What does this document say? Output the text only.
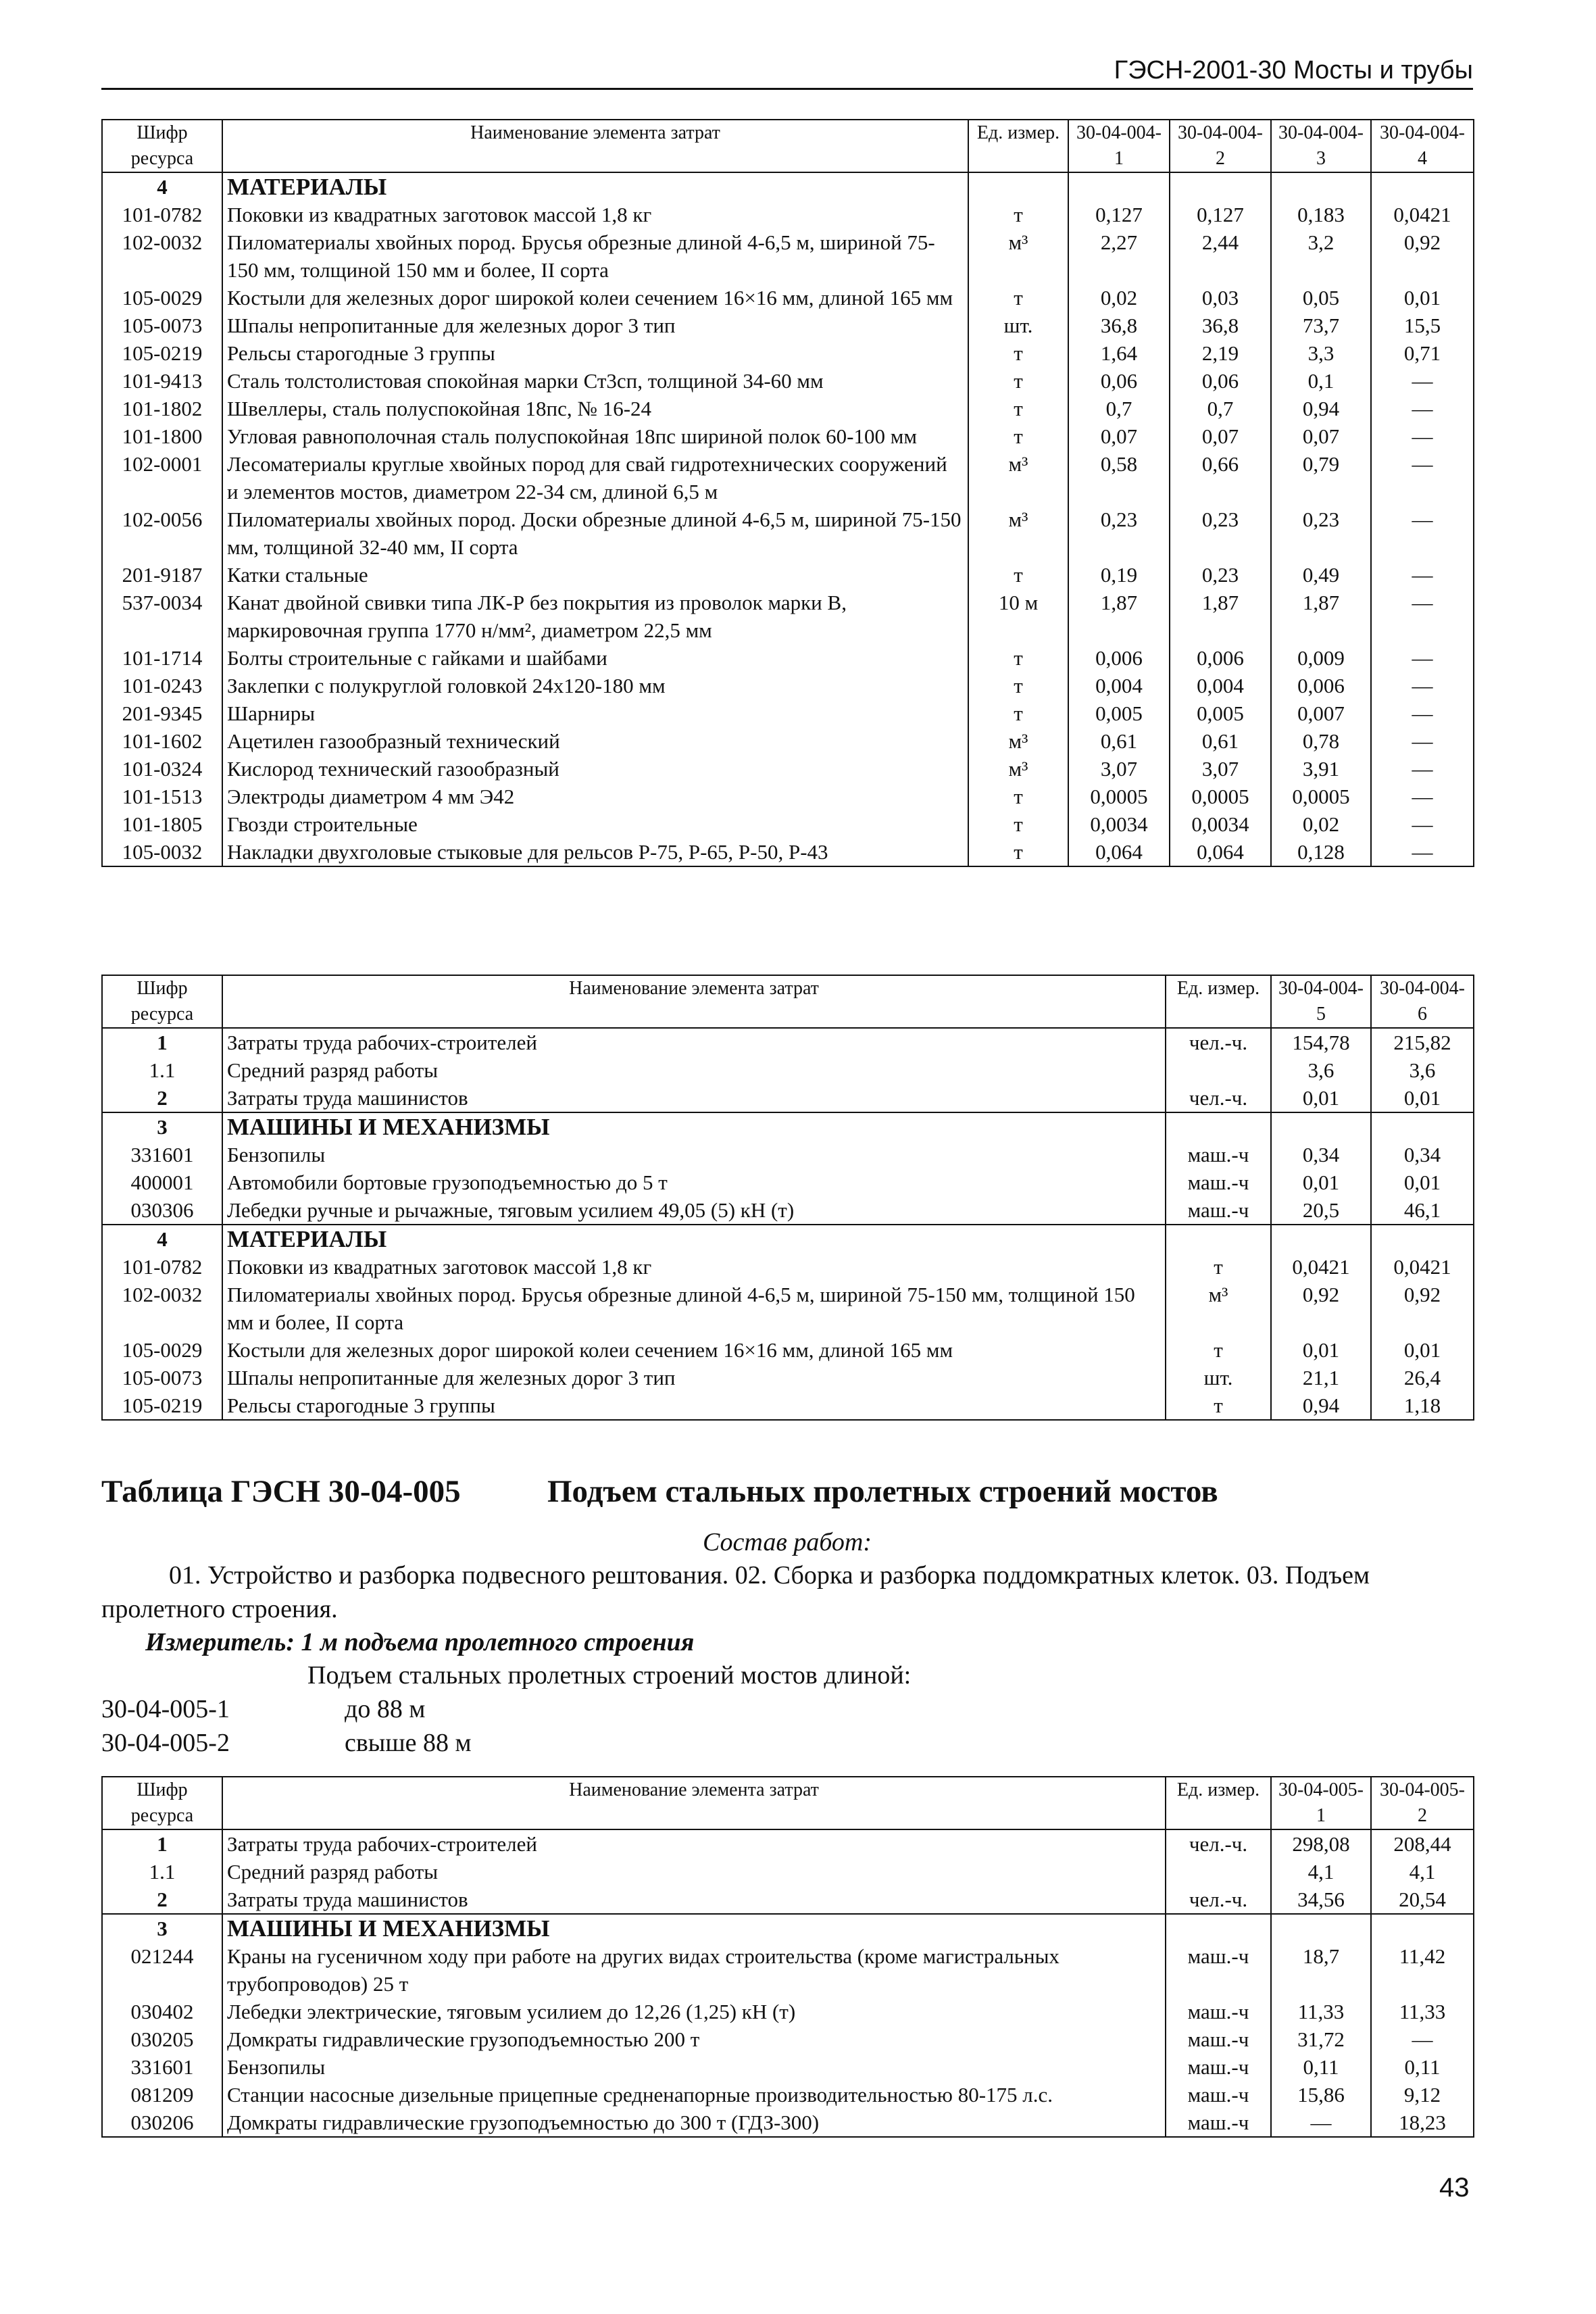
ГЭСН-2001-30 Мосты и трубы
Шифр ресурса	Наименование элемента затрат	Ед. измер.	30-04-004-1	30-04-004-2	30-04-004-3	30-04-004-4
4	МАТЕРИАЛЫ					
101-0782	Поковки из квадратных заготовок массой 1,8 кг	т	0,127	0,127	0,183	0,0421
102-0032	Пиломатериалы хвойных пород. Брусья обрезные длиной 4-6,5 м, шириной 75-150 мм, толщиной 150 мм и более, II сорта	м³	2,27	2,44	3,2	0,92
105-0029	Костыли для железных дорог широкой колеи сечением 16×16 мм, длиной 165 мм	т	0,02	0,03	0,05	0,01
105-0073	Шпалы непропитанные для железных дорог 3 тип	шт.	36,8	36,8	73,7	15,5
105-0219	Рельсы старогодные 3 группы	т	1,64	2,19	3,3	0,71
101-9413	Сталь толстолистовая спокойная марки Ст3сп, толщиной 34-60 мм	т	0,06	0,06	0,1	—
101-1802	Швеллеры, сталь полуспокойная 18пс, № 16-24	т	0,7	0,7	0,94	—
101-1800	Угловая равнополочная сталь полуспокойная 18пс шириной полок 60-100 мм	т	0,07	0,07	0,07	—
102-0001	Лесоматериалы круглые хвойных пород для свай гидротехнических сооружений и элементов мостов, диаметром 22-34 см, длиной 6,5 м	м³	0,58	0,66	0,79	—
102-0056	Пиломатериалы хвойных пород. Доски обрезные длиной 4-6,5 м, шириной 75-150 мм, толщиной 32-40 мм, II сорта	м³	0,23	0,23	0,23	—
201-9187	Катки стальные	т	0,19	0,23	0,49	—
537-0034	Канат двойной свивки типа ЛК-Р без покрытия из проволок марки В, маркировочная группа 1770 н/мм², диаметром 22,5 мм	10 м	1,87	1,87	1,87	—
101-1714	Болты строительные с гайками и шайбами	т	0,006	0,006	0,009	—
101-0243	Заклепки с полукруглой головкой 24х120-180 мм	т	0,004	0,004	0,006	—
201-9345	Шарниры	т	0,005	0,005	0,007	—
101-1602	Ацетилен газообразный технический	м³	0,61	0,61	0,78	—
101-0324	Кислород технический газообразный	м³	3,07	3,07	3,91	—
101-1513	Электроды диаметром 4 мм Э42	т	0,0005	0,0005	0,0005	—
101-1805	Гвозди строительные	т	0,0034	0,0034	0,02	—
105-0032	Накладки двухголовые стыковые для рельсов Р-75, Р-65, Р-50, Р-43	т	0,064	0,064	0,128	—
Шифр ресурса	Наименование элемента затрат	Ед. измер.	30-04-004-5	30-04-004-6
1	Затраты труда рабочих-строителей	чел.-ч.	154,78	215,82
1.1	Средний разряд работы		3,6	3,6
2	Затраты труда машинистов	чел.-ч.	0,01	0,01
3	МАШИНЫ И МЕХАНИЗМЫ			
331601	Бензопилы	маш.-ч	0,34	0,34
400001	Автомобили бортовые грузоподъемностью до 5 т	маш.-ч	0,01	0,01
030306	Лебедки ручные и рычажные, тяговым усилием 49,05 (5) кН (т)	маш.-ч	20,5	46,1
4	МАТЕРИАЛЫ			
101-0782	Поковки из квадратных заготовок массой 1,8 кг	т	0,0421	0,0421
102-0032	Пиломатериалы хвойных пород. Брусья обрезные длиной 4-6,5 м, шириной 75-150 мм, толщиной 150 мм и более, II сорта	м³	0,92	0,92
105-0029	Костыли для железных дорог широкой колеи сечением 16×16 мм, длиной 165 мм	т	0,01	0,01
105-0073	Шпалы непропитанные для железных дорог 3 тип	шт.	21,1	26,4
105-0219	Рельсы старогодные 3 группы	т	0,94	1,18
Таблица ГЭСН 30-04-005	Подъем стальных пролетных строений мостов
Состав работ:
01. Устройство и разборка подвесного рештования. 02. Сборка и разборка поддомкратных клеток. 03. Подъем пролетного строения.
Измеритель: 1 м подъема пролетного строения
Подъем стальных пролетных строений мостов длиной:
30-04-005-1	до 88 м
30-04-005-2	свыше 88 м
Шифр ресурса	Наименование элемента затрат	Ед. измер.	30-04-005-1	30-04-005-2
1	Затраты труда рабочих-строителей	чел.-ч.	298,08	208,44
1.1	Средний разряд работы		4,1	4,1
2	Затраты труда машинистов	чел.-ч.	34,56	20,54
3	МАШИНЫ И МЕХАНИЗМЫ			
021244	Краны на гусеничном ходу при работе на других видах строительства (кроме магистральных трубопроводов) 25 т	маш.-ч	18,7	11,42
030402	Лебедки электрические, тяговым усилием до 12,26 (1,25) кН (т)	маш.-ч	11,33	11,33
030205	Домкраты гидравлические грузоподъемностью 200 т	маш.-ч	31,72	—
331601	Бензопилы	маш.-ч	0,11	0,11
081209	Станции насосные дизельные прицепные средненапорные производительностью 80-175 л.с.	маш.-ч	15,86	9,12
030206	Домкраты гидравлические грузоподъемностью до 300 т (ГДЗ-300)	маш.-ч	—	18,23
43
